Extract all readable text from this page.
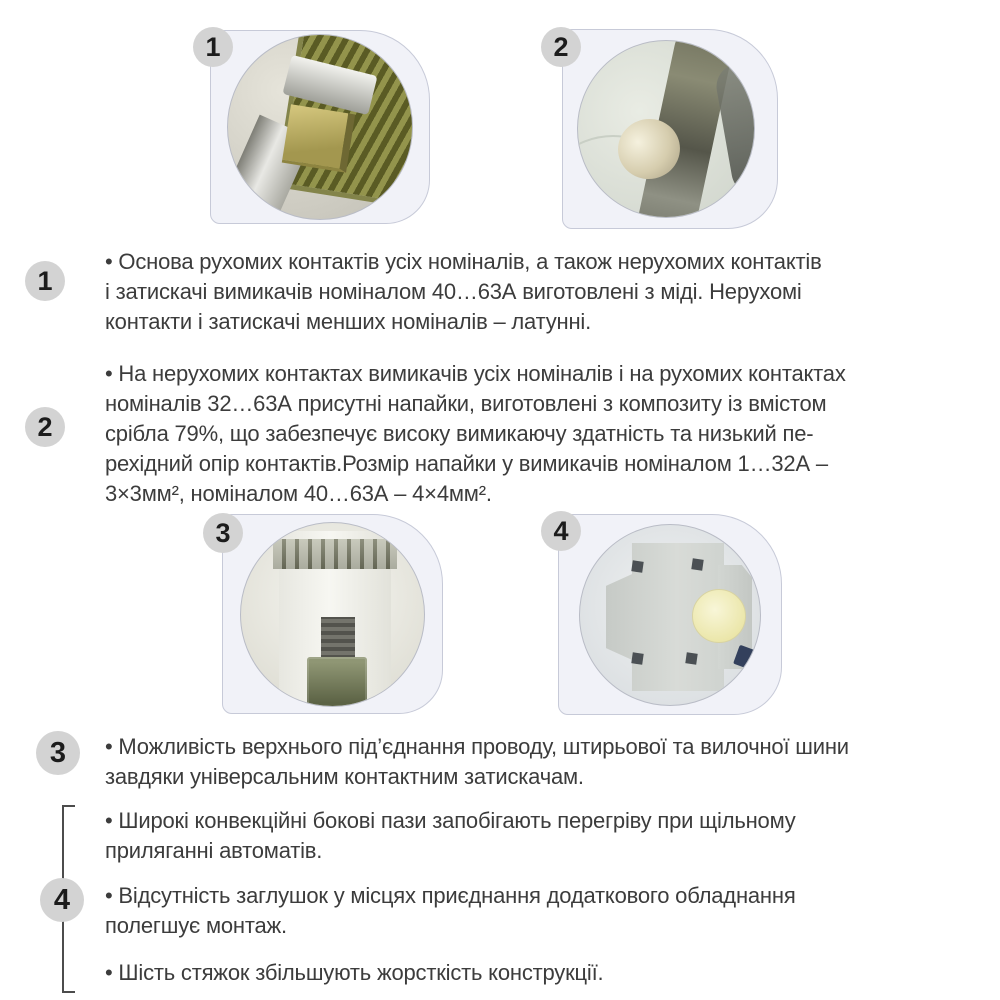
1	2
1
• Основа рухомих контактів усіх номіналів, а також нерухомих контактів
і затискачі вимикачів номіналом 40…63А виготовлені з міді. Нерухомі
контакти і затискачі менших номіналів – латунні.
2
• На нерухомих контактах вимикачів усіх номіналів і на рухомих контактах
номіналів 32…63А присутні напайки, виготовлені з композиту із вмістом
срібла 79%, що забезпечує високу вимикаючу здатність та низький пе-
рехідний опір контактів.Розмір напайки у вимикачів номіналом 1…32А –
3×3мм², номіналом 40…63А – 4×4мм².
3	4
3 • Можливість верхнього під’єднання проводу, штирьової та вилочної шини
завдяки універсальним контактним затискачам.
4
• Широкі конвекційні бокові пази запобігають перегріву при щільному
приляганні автоматів.
• Відсутність заглушок у місцях приєднання додаткового обладнання
полегшує монтаж.
• Шість стяжок збільшують жорсткість конструкції.
